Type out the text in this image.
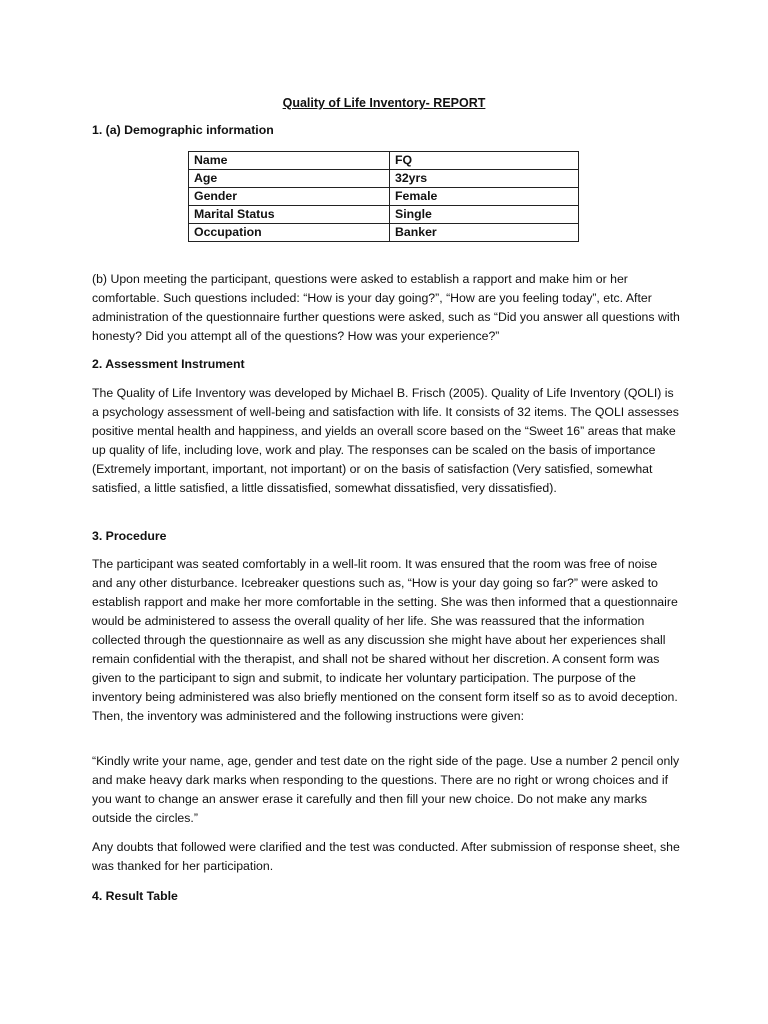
Quality of Life Inventory- REPORT
1. (a) Demographic information
Name	FQ
Age	32yrs
Gender	Female
Marital Status	Single
Occupation	Banker

(b) Upon meeting the participant, questions were asked to establish a rapport and make him or her comfortable. Such questions included: “How is your day going?”, “How are you feeling today”, etc. After administration of the questionnaire further questions were asked, such as “Did you answer all questions with honesty? Did you attempt all of the questions? How was your experience?”

2. Assessment Instrument

The Quality of Life Inventory was developed by Michael B. Frisch (2005). Quality of Life Inventory (QOLI) is a psychology assessment of well-being and satisfaction with life. It consists of 32 items. The QOLI assesses positive mental health and happiness, and yields an overall score based on the “Sweet 16” areas that make up quality of life, including love, work and play. The responses can be scaled on the basis of importance (Extremely important, important, not important) or on the basis of satisfaction (Very satisfied, somewhat satisfied, a little satisfied, a little dissatisfied, somewhat dissatisfied, very dissatisfied).

3. Procedure

The participant was seated comfortably in a well-lit room. It was ensured that the room was free of noise and any other disturbance. Icebreaker questions such as, “How is your day going so far?” were asked to establish rapport and make her more comfortable in the setting. She was then informed that a questionnaire would be administered to assess the overall quality of her life. She was reassured that the information collected through the questionnaire as well as any discussion she might have about her experiences shall remain confidential with the therapist, and shall not be shared without her discretion. A consent form was given to the participant to sign and submit, to indicate her voluntary participation. The purpose of the inventory being administered was also briefly mentioned on the consent form itself so as to avoid deception. Then, the inventory was administered and the following instructions were given:

“Kindly write your name, age, gender and test date on the right side of the page. Use a number 2 pencil only and make heavy dark marks when responding to the questions. There are no right or wrong choices and if you want to change an answer erase it carefully and then fill your new choice. Do not make any marks outside the circles.”

Any doubts that followed were clarified and the test was conducted. After submission of response sheet, she was thanked for her participation.

4. Result Table
